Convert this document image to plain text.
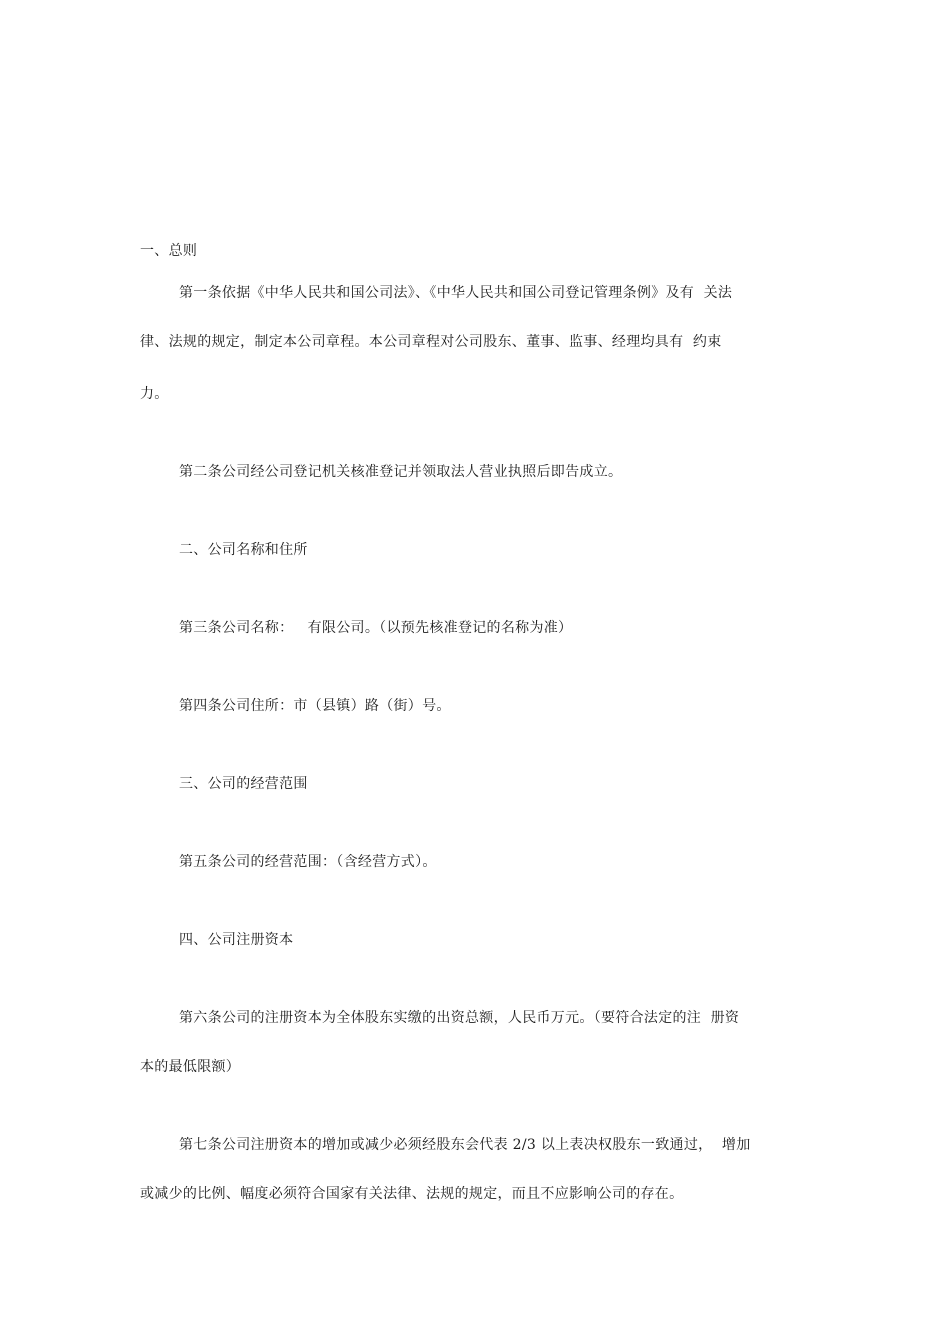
一、总则
第一条依据《中华人民共和国公司法》、《中华人民共和国公司登记管理条例》及有  关法
律、法规的规定，制定本公司章程。本公司章程对公司股东、董事、监事、经理均具有  约束
力。
第二条公司经公司登记机关核准登记并领取法人营业执照后即告成立。
二、公司名称和住所
第三条公司名称：   有限公司。（以预先核准登记的名称为准）
第四条公司住所：市（县镇）路（街）号。
三、公司的经营范围
第五条公司的经营范围：（含经营方式）。
四、公司注册资本
第六条公司的注册资本为全体股东实缴的出资总额，人民币万元。（要符合法定的注  册资
本的最低限额）
第七条公司注册资本的增加或减少必须经股东会代表 2/3 以上表决权股东一致通过，  增加
或减少的比例、幅度必须符合国家有关法律、法规的规定，而且不应影响公司的存在。
